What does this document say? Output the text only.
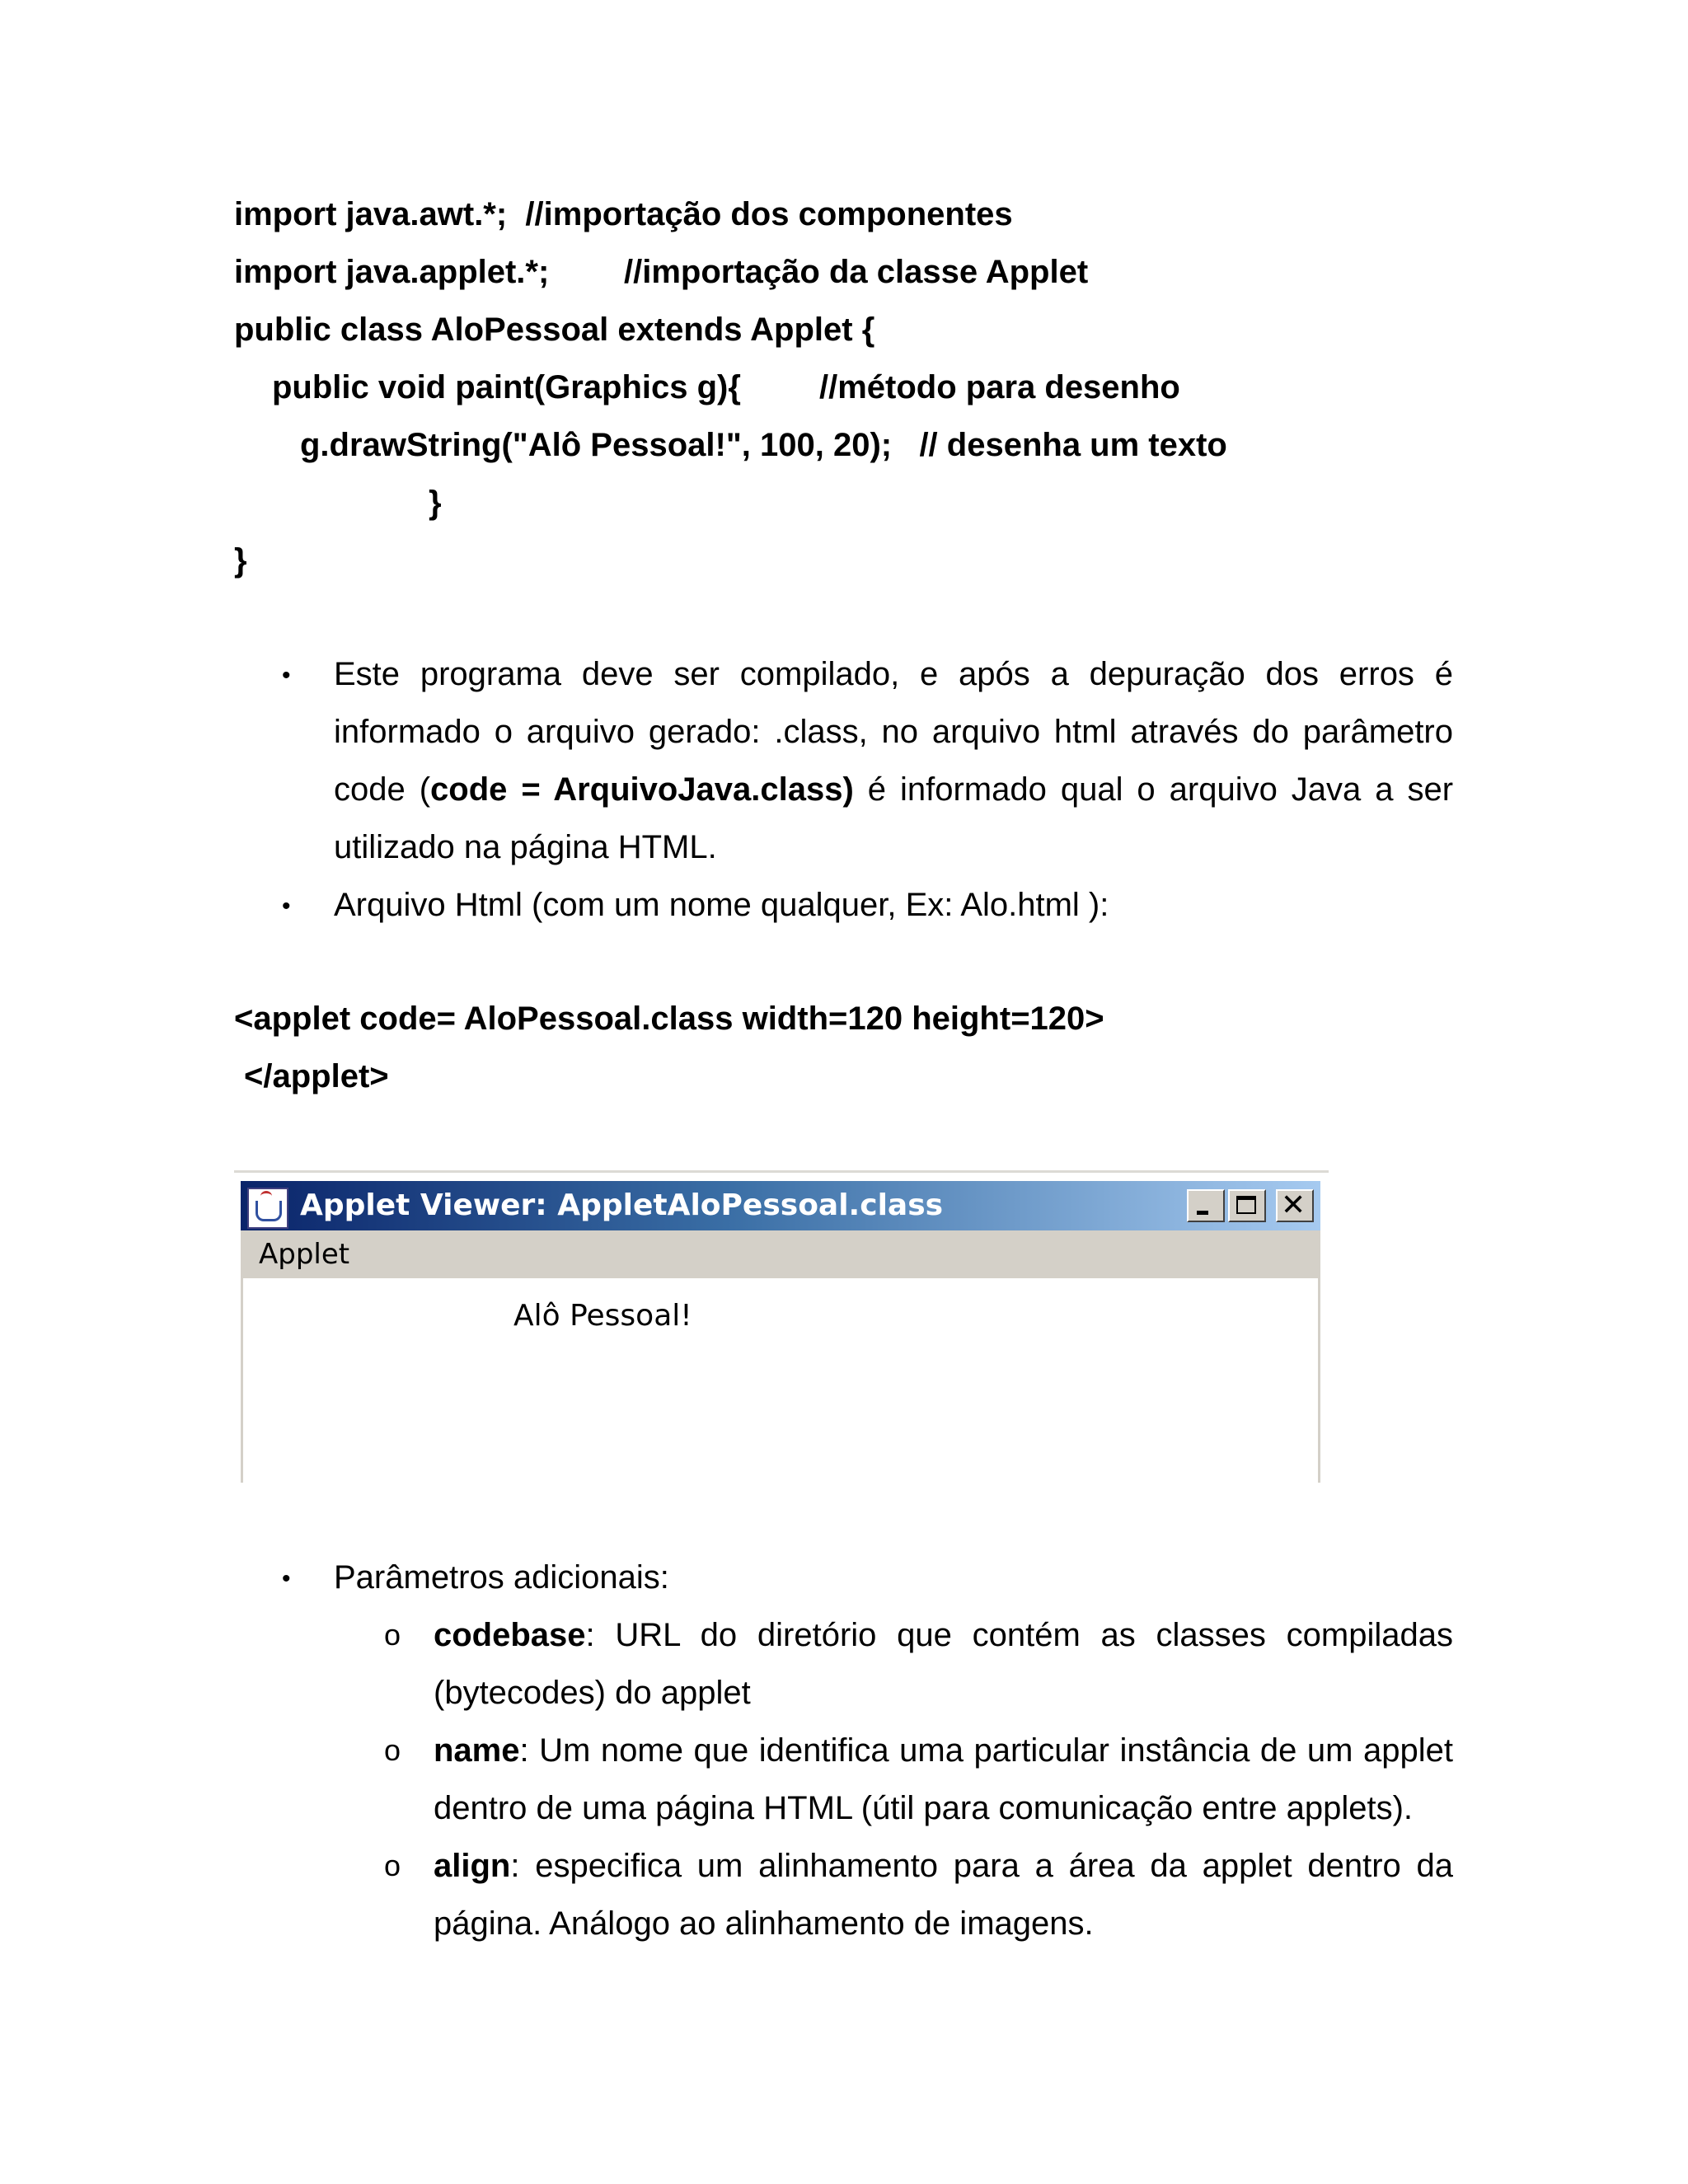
import java.awt.*;  //importação dos componentes
import java.applet.*; //importação da classe Applet
public class AloPessoal extends Applet {
public void paint(Graphics g){ //método para desenho
g.drawString("Alô Pessoal!", 100, 20);   // desenha um texto
}
}
• Este programa deve ser compilado, e após a depuração dos erros é
informado o arquivo gerado: .class, no arquivo html através do parâmetro
code (code = ArquivoJava.class) é informado qual o arquivo Java a ser
utilizado na página HTML.
• Arquivo Html (com um nome qualquer, Ex: Alo.html ):
<applet code= AloPessoal.class width=120 height=120>
</applet>
Applet Viewer: AppletAloPessoal.class	✕
Applet
Alô Pessoal!
• Parâmetros adicionais:
o codebase: URL do diretório que contém as classes compiladas
(bytecodes) do applet
o name: Um nome que identifica uma particular instância de um applet
dentro de uma página HTML (útil para comunicação entre applets).
o align: especifica um alinhamento para a área da applet dentro da
página. Análogo ao alinhamento de imagens.
